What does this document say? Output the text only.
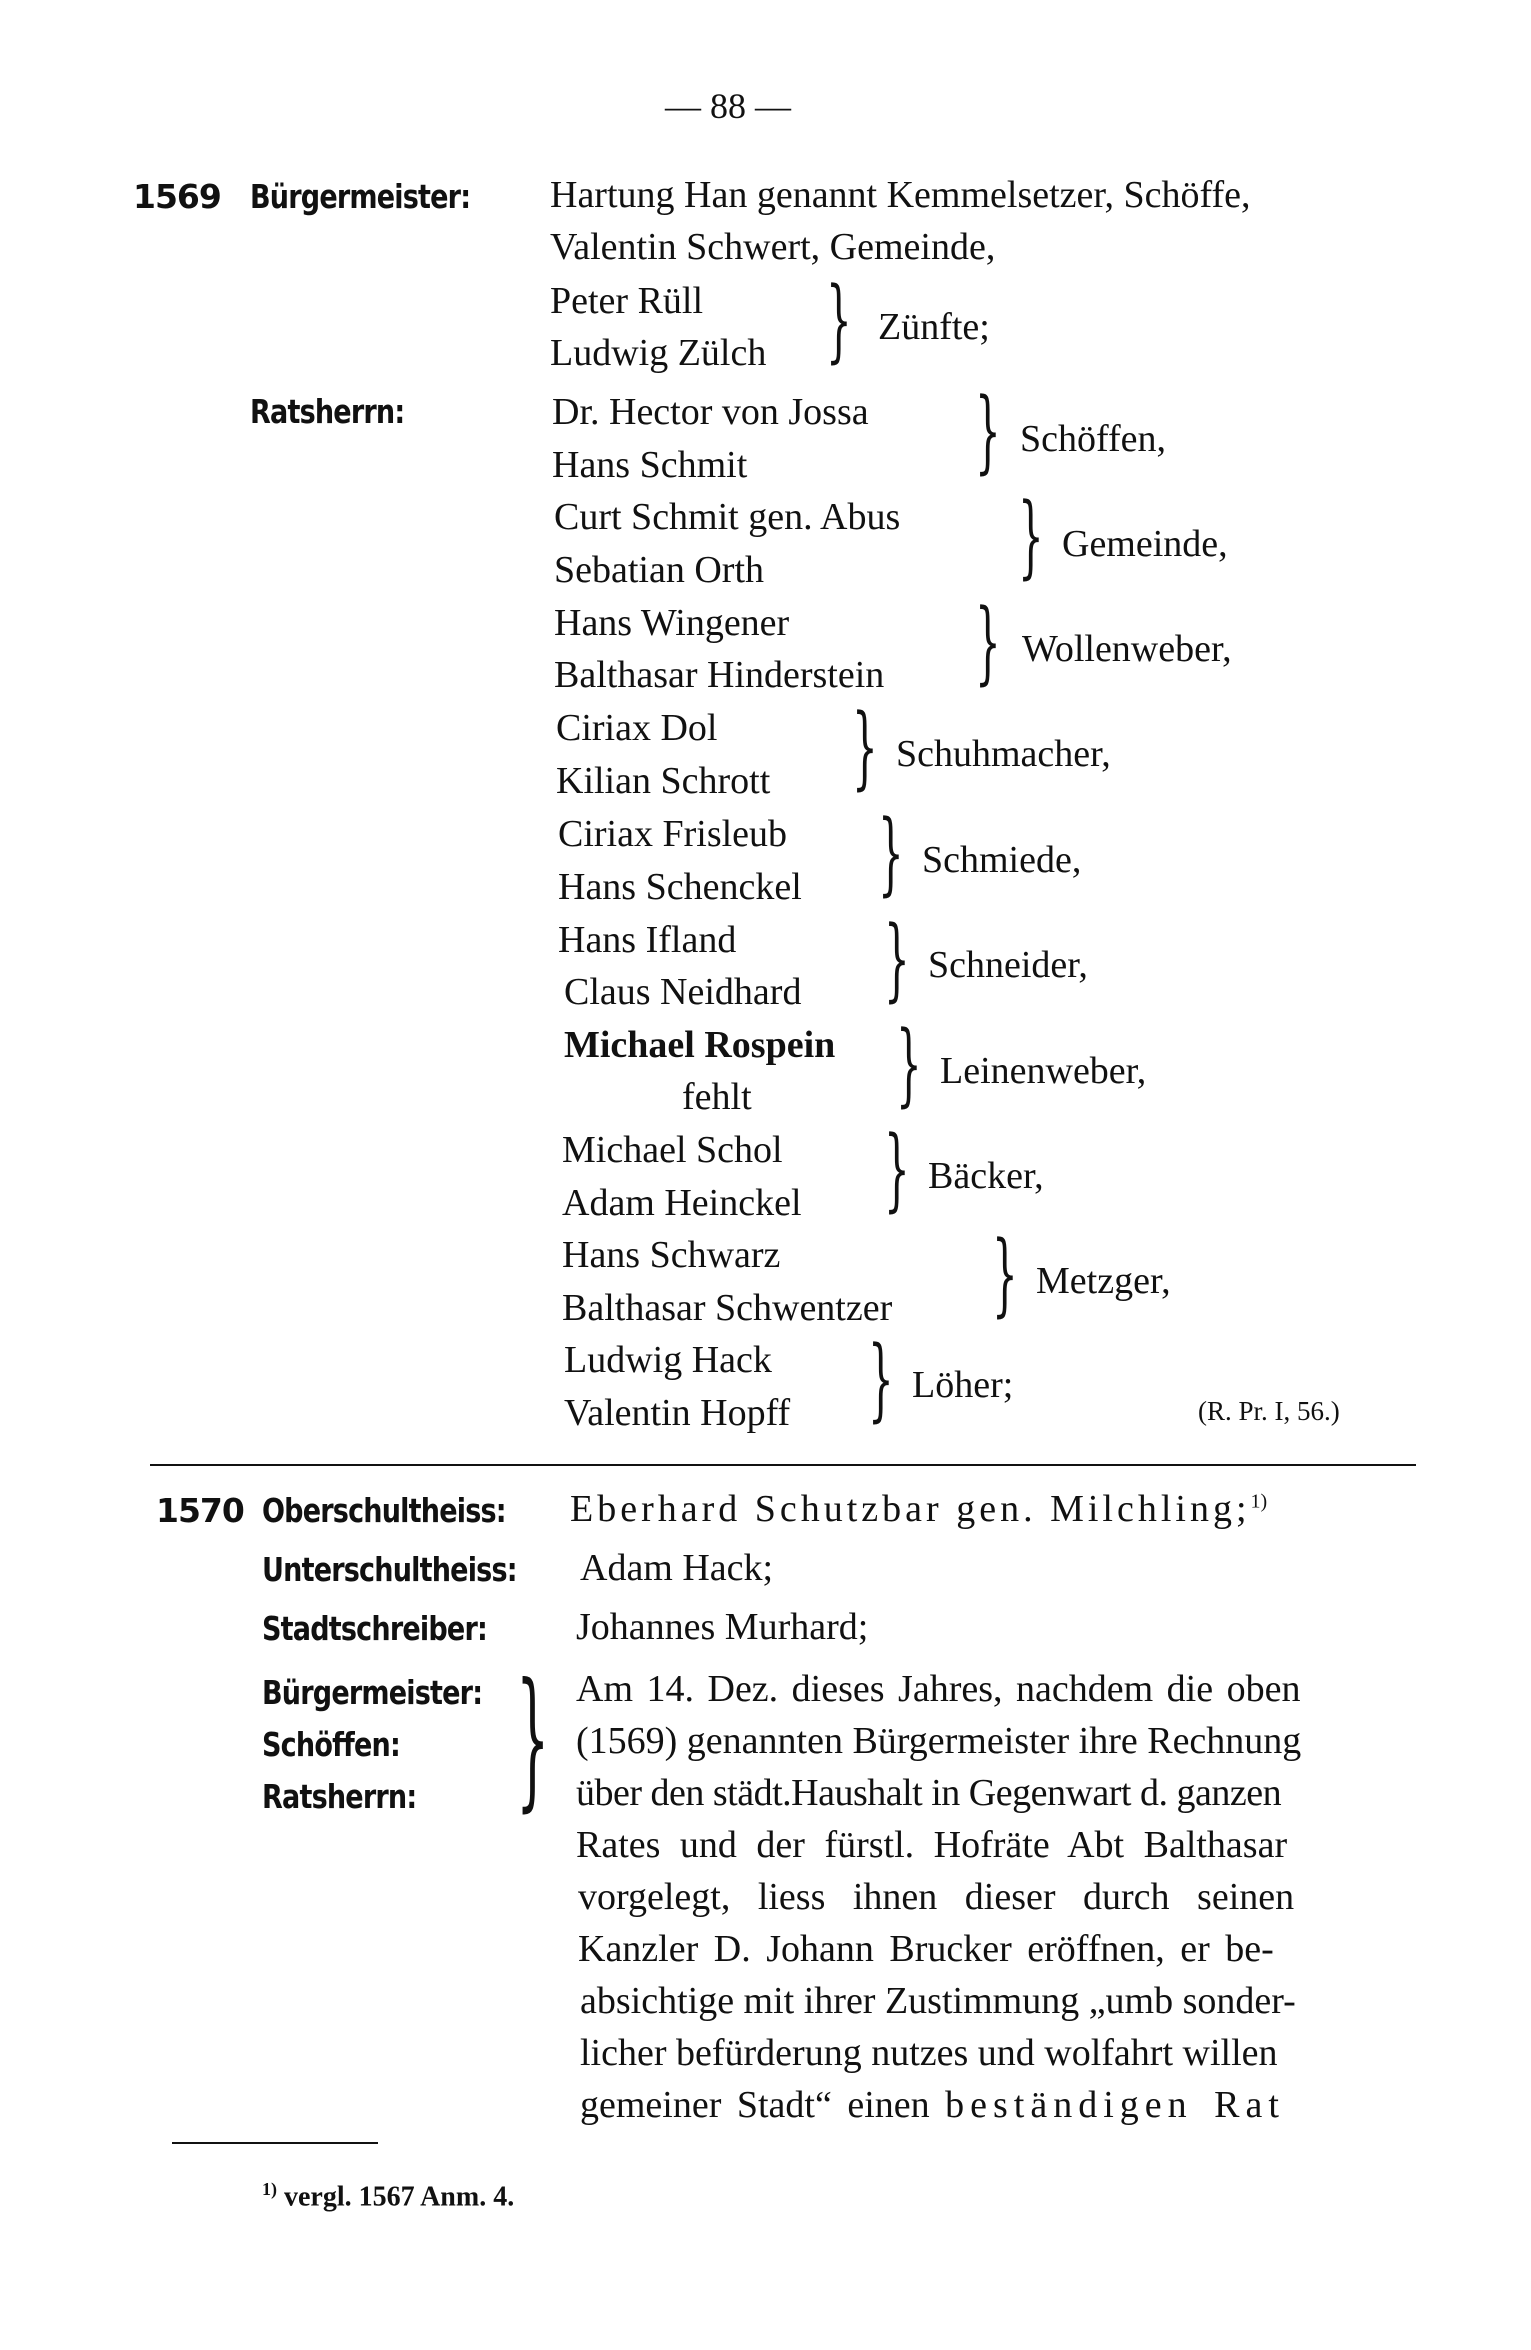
— 88 —
1569 Bürgermeister: Hartung Han genannt Kemmelsetzer, Schöffe,
Valentin Schwert, Gemeinde,
Peter Rüll
Ludwig Zülch } Zünfte;
Ratsherrn:	Dr. Hector von Jossa
Hans Schmit	} Schöffen,
Curt Schmit gen. Abus
Sebatian Orth	} Gemeinde,
Hans Wingener
Balthasar Hinderstein } Wollenweber,
Ciriax Dol
Kilian Schrott } Schuhmacher,
Ciriax Frisleub
Hans Schenckel } Schmiede,
Hans Ifland
Claus Neidhard } Schneider,
Michael Rospein
fehlt } Leinenweber,
Michael Schol
Adam Heinckel } Bäcker,
Hans Schwarz
Balthasar Schwentzer } Metzger,
Ludwig Hack
Valentin Hopff } Löher;
(R. Pr. I, 56.)
1570 Oberschultheiss: Eberhard Schutzbar gen. Milchling;$^{1)}$
Unterschultheiss: Adam Hack;
Stadtschreiber: Johannes Murhard;
Bürgermeister:
Schöffen:
Ratsherrn: } Am 14. Dez. dieses Jahres, nachdem die oben
(1569) genannten Bürgermeister ihre Rechnung
über den städt.Haushalt in Gegenwart d. ganzen
Rates und der fürstl. Hofräte Abt Balthasar
vorgelegt, liess ihnen dieser durch seinen
Kanzler D. Johann Brucker eröffnen, er be-
absichtige mit ihrer Zustimmung „umb sonder-
licher befürderung nutzes und wolfahrt willen
gemeiner Stadt“ einen beständigen Rat
$^{1)}$ vergl. 1567 Anm. 4.
